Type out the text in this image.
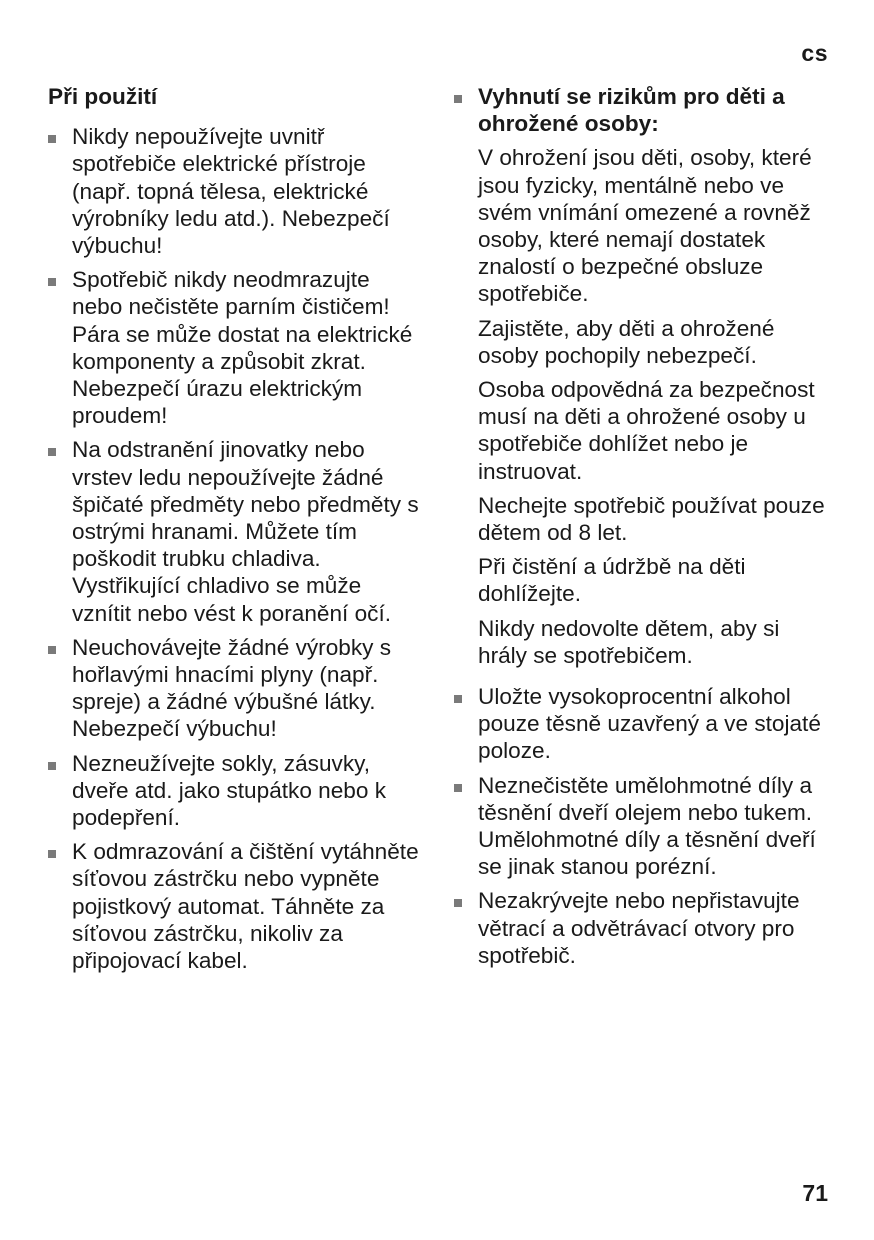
cs
Při použití
Nikdy nepoužívejte uvnitř spotřebiče elektrické přístroje (např. topná tělesa, elektrické výrobníky ledu atd.). Nebezpečí výbuchu!
Spotřebič nikdy neodmrazujte nebo nečistěte parním čističem! Pára se může dostat na elektrické komponenty a způsobit zkrat. Nebezpečí úrazu elektrickým proudem!
Na odstranění jinovatky nebo vrstev ledu nepoužívejte žádné špičaté předměty nebo předměty s ostrými hranami. Můžete tím poškodit trubku chladiva. Vystřikující chladivo se může vznítit nebo vést k poranění očí.
Neuchovávejte žádné výrobky s hořlavými hnacími plyny (např. spreje) a žádné výbušné látky. Nebezpečí výbuchu!
Nezneužívejte sokly, zásuvky, dveře atd. jako stupátko nebo k podepření.
K odmrazování a čištění vytáhněte síťovou zástrčku nebo vypněte pojistkový automat. Táhněte za síťovou zástrčku, nikoliv za připojovací kabel.
Vyhnutí se rizikům pro děti a ohrožené osoby:
V ohrožení jsou děti, osoby, které jsou fyzicky, mentálně nebo ve svém vnímání omezené a rovněž osoby, které nemají dostatek znalostí o bezpečné obsluze spotřebiče.
Zajistěte, aby děti a ohrožené osoby pochopily nebezpečí.
Osoba odpovědná za bezpečnost musí na děti a ohrožené osoby u spotřebiče dohlížet nebo je instruovat.
Nechejte spotřebič používat pouze dětem od 8 let.
Při čistění a údržbě na děti dohlížejte.
Nikdy nedovolte dětem, aby si hrály se spotřebičem.
Uložte vysokoprocentní alkohol pouze těsně uzavřený a ve stojaté poloze.
Neznečistěte umělohmotné díly a těsnění dveří olejem nebo tukem. Umělohmotné díly a těsnění dveří se jinak stanou porézní.
Nezakrývejte nebo nepřistavujte větrací a odvětrávací otvory pro spotřebič.
71
